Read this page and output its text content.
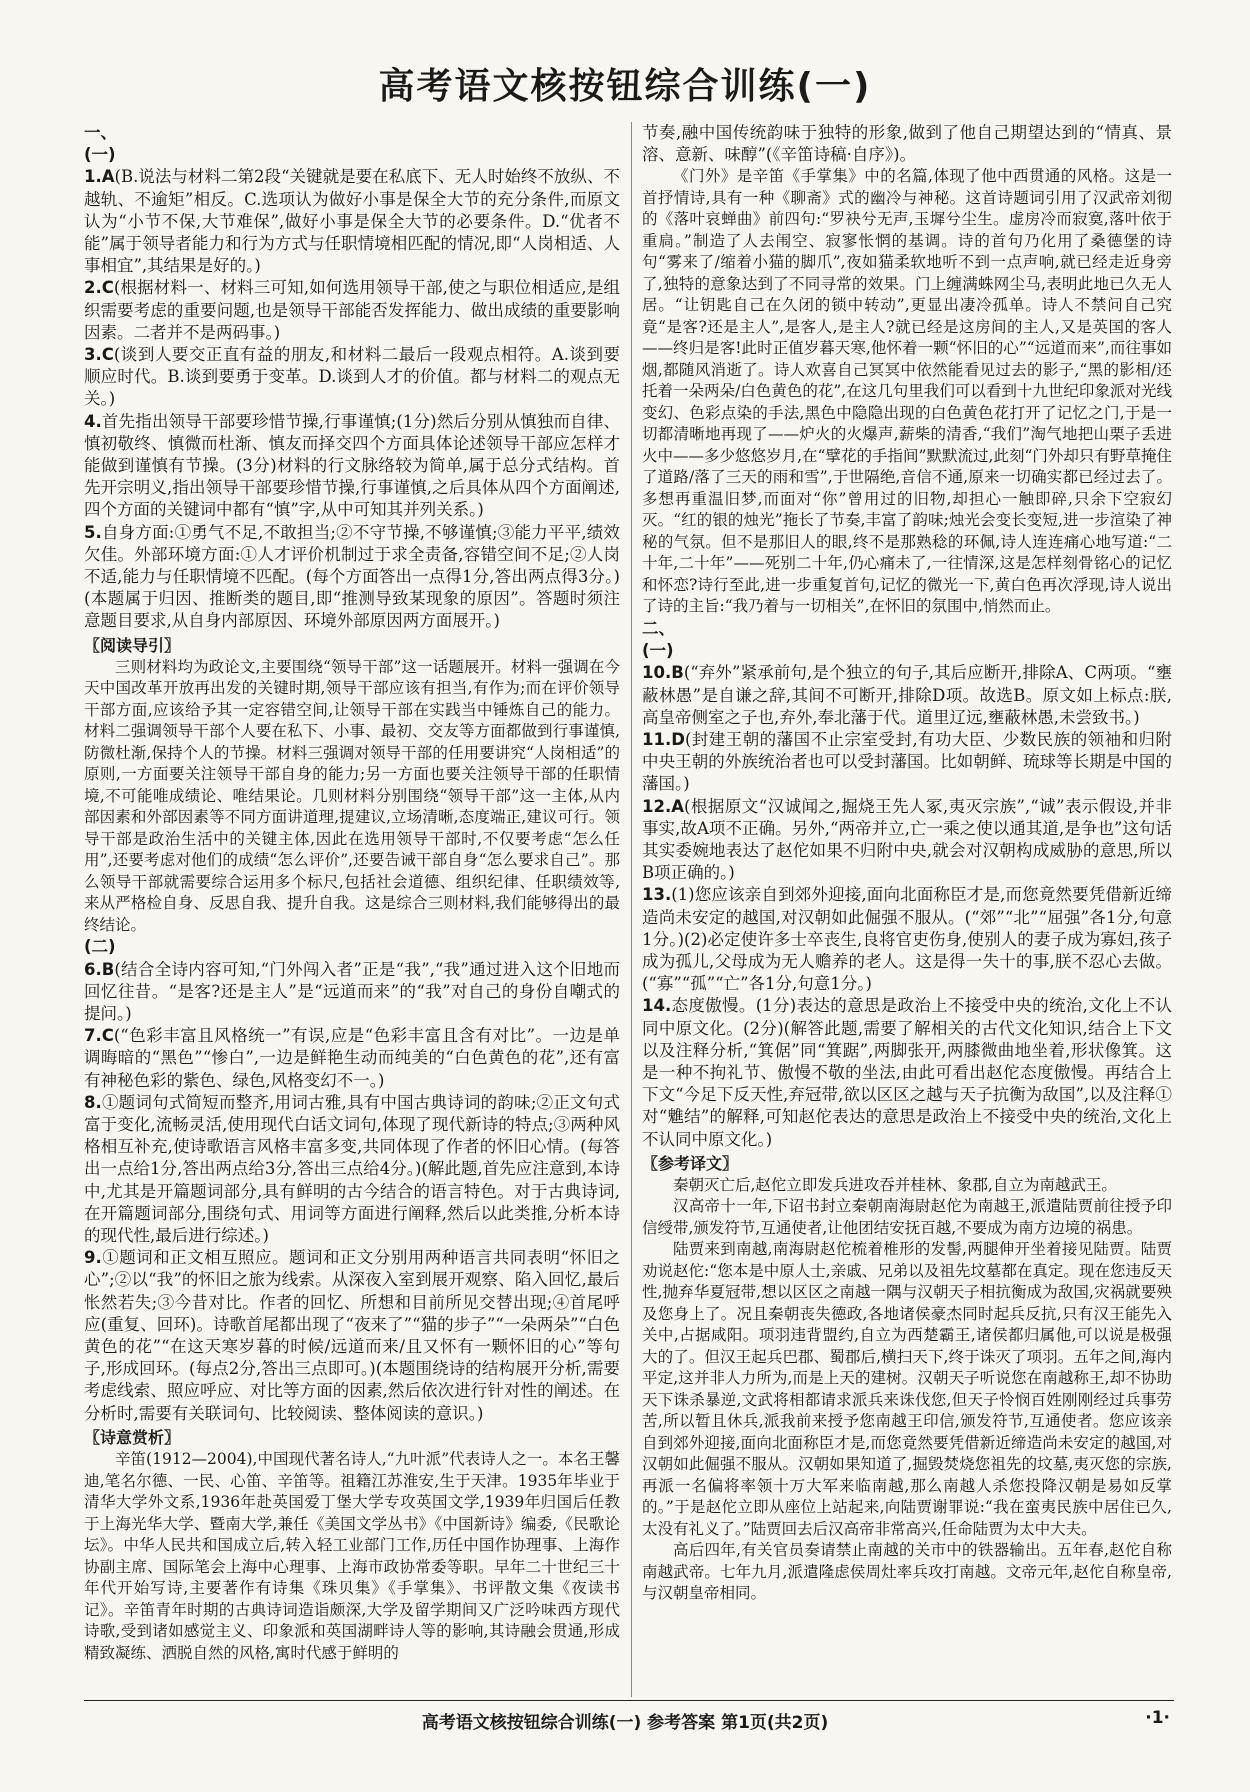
高考语文核按钮综合训练(一)

一、

(一)

1.A(B.说法与材料二第2段“关键就是要在私底下、无人时始终不放纵、不越轨、不逾矩”相反。C.选项认为做好小事是保全大节的充分条件,而原文认为“小节不保,大节难保”,做好小事是保全大节的必要条件。D.“优者不能”属于领导者能力和行为方式与任职情境相匹配的情况,即“人岗相适、人事相宜”,其结果是好的。)

2.C(根据材料一、材料三可知,如何选用领导干部,使之与职位相适应,是组织需要考虑的重要问题,也是领导干部能否发挥能力、做出成绩的重要影响因素。二者并不是两码事。)

3.C(谈到人要交正直有益的朋友,和材料二最后一段观点相符。A.谈到要顺应时代。B.谈到要勇于变革。D.谈到人才的价值。都与材料二的观点无关。)

4.首先指出领导干部要珍惜节操,行事谨慎;(1分)然后分别从慎独而自律、慎初敬终、慎微而杜渐、慎友而择交四个方面具体论述领导干部应怎样才能做到谨慎有节操。(3分)材料的行文脉络较为简单,属于总分式结构。首先开宗明义,指出领导干部要珍惜节操,行事谨慎,之后具体从四个方面阐述,四个方面的关键词中都有“慎”字,从中可知其并列关系。)

5.自身方面:①勇气不足,不敢担当;②不守节操,不够谨慎;③能力平平,绩效欠佳。外部环境方面:①人才评价机制过于求全责备,容错空间不足;②人岗不适,能力与任职情境不匹配。(每个方面答出一点得1分,答出两点得3分。)(本题属于归因、推断类的题目,即“推测导致某现象的原因”。答题时须注意题目要求,从自身内部原因、环境外部原因两方面展开。)

〖 阅读导引 〗

三则材料均为政论文,主要围绕“领导干部”这一话题展开。材料一强调在今天中国改革开放再出发的关键时期,领导干部应该有担当,有作为;而在评价领导干部方面,应该给予其一定容错空间,让领导干部在实践当中锤炼自己的能力。材料二强调领导干部个人要在私下、小事、最初、交友等方面都做到行事谨慎,防微杜渐,保持个人的节操。材料三强调对领导干部的任用要讲究“人岗相适”的原则,一方面要关注领导干部自身的能力;另一方面也要关注领导干部的任职情境,不可能唯成绩论、唯结果论。几则材料分别围绕“领导干部”这一主体,从内部因素和外部因素等不同方面讲道理,提建议,立场清晰,态度端正,建议可行。领导干部是政治生活中的关键主体,因此在选用领导干部时,不仅要考虑“怎么任用”,还要考虑对他们的成绩“怎么评价”,还要告诫干部自身“怎么要求自己”。那么领导干部就需要综合运用多个标尺,包括社会道德、组织纪律、任职绩效等,来从严格检自身、反思自我、提升自我。这是综合三则材料,我们能够得出的最终结论。

(二)

6.B(结合全诗内容可知,“门外闯入者”正是“我”,“我”通过进入这个旧地而回忆往昔。“是客?还是主人”是“远道而来”的“我”对自己的身份自嘲式的提问。)

7.C(“色彩丰富且风格统一”有误,应是“色彩丰富且含有对比”。一边是单调晦暗的“黑色”“惨白”,一边是鲜艳生动而纯美的“白色黄色的花”,还有富有神秘色彩的紫色、绿色,风格变幻不一。)

8.①题词句式简短而整齐,用词古雅,具有中国古典诗词的韵味;②正文句式富于变化,流畅灵活,使用现代白话文词句,体现了现代新诗的特点;③两种风格相互补充,使诗歌语言风格丰富多变,共同体现了作者的怀旧心情。(每答出一点给1分,答出两点给3分,答出三点给4分。)(解此题,首先应注意到,本诗中,尤其是开篇题词部分,具有鲜明的古今结合的语言特色。对于古典诗词,在开篇题词部分,围绕句式、用词等方面进行阐释,然后以此类推,分析本诗的现代性,最后进行综述。)

9.①题词和正文相互照应。题词和正文分别用两种语言共同表明“怀旧之心”;②以“我”的怀旧之旅为线索。从深夜入室到展开观察、陷入回忆,最后怅然若失;③今昔对比。作者的回忆、所想和目前所见交替出现;④首尾呼应(重复、回环)。诗歌首尾都出现了“夜来了”“猫的步子”“一朵两朵”“白色黄色的花”“在这天寒岁暮的时候/远道而来/且又怀有一颗怀旧的心”等句子,形成回环。(每点2分,答出三点即可。)(本题围绕诗的结构展开分析,需要考虑线索、照应呼应、对比等方面的因素,然后依次进行针对性的阐述。在分析时,需要有关联词句、比较阅读、整体阅读的意识。)

〖 诗意赏析 〗

辛笛(1912—2004),中国现代著名诗人,“九叶派”代表诗人之一。本名王馨迪,笔名尔德、一民、心笛、辛笛等。祖籍江苏淮安,生于天津。1935年毕业于清华大学外文系,1936年赴英国爱丁堡大学专攻英国文学,1939年归国后任教于上海光华大学、暨南大学,兼任《美国文学丛书》《中国新诗》编委,《民歌论坛》。中华人民共和国成立后,转入轻工业部门工作,历任中国作协理事、上海作协副主席、国际笔会上海中心理事、上海市政协常委等职。早年二十世纪三十年代开始写诗,主要著作有诗集《珠贝集》《手掌集》、书评散文集《夜读书记》。辛笛青年时期的古典诗词造诣颇深,大学及留学期间又广泛吟味西方现代诗歌,受到诸如感觉主义、印象派和英国湖畔诗人等的影响,其诗融会贯通,形成精致凝练、洒脱自然的风格,寓时代感于鲜明的

节奏,融中国传统韵味于独特的形象,做到了他自己期望达到的“情真、景溶、意新、味醇”(《辛笛诗稿·自序》)。

《门外》是辛笛《手掌集》中的名篇,体现了他中西贯通的风格。这是一首抒情诗,具有一种《聊斋》式的幽冷与神秘。这首诗题词引用了汉武帝刘彻的《落叶哀蝉曲》前四句:“罗袂兮无声,玉墀兮尘生。虚房冷而寂寞,落叶依于重扃。”制造了人去闱空、寂寥怅惘的基调。诗的首句乃化用了桑德堡的诗句“雾来了/缩着小猫的脚爪”,夜如猫柔软地听不到一点声响,就已经走近身旁了,独特的意象达到了不同寻常的效果。门上缠满蛛网尘马,表明此地已久无人居。“让钥匙自己在久闭的锁中转动”,更显出凄冷孤单。诗人不禁问自己究竟“是客?还是主人”,是客人,是主人?就已经是这房间的主人,又是英国的客人——终归是客!此时正值岁暮天寒,他怀着一颗“怀旧的心”“远道而来”,而往事如烟,都随风消逝了。诗人欢喜自己冥冥中依然能看见过去的影子,“黑的影相/还托着一朵两朵/白色黄色的花”,在这几句里我们可以看到十九世纪印象派对光线变幻、色彩点染的手法,黑色中隐隐出现的白色黄色花打开了记忆之门,于是一切都清晰地再现了——炉火的火爆声,薪柴的清香,“我们”淘气地把山栗子丢进火中——多少悠悠岁月,在“擘花的手指间”默默流过,此刻“门外却只有野草掩住了道路/落了三天的雨和雪”,于世隔绝,音信不通,原来一切确实都已经过去了。多想再重温旧梦,而面对“你”曾用过的旧物,却担心一触即碎,只余下空寂幻灭。“红的银的烛光”拖长了节奏,丰富了韵味;烛光会变长变短,进一步渲染了神秘的气氛。但不是那旧人的眼,终不是那熟稔的环佩,诗人连连痛心地写道:“二十年,二十年”——死别二十年,仍心痛未了,一往情深,这是怎样刻骨铭心的记忆和怀恋?诗行至此,进一步重复首句,记忆的微光一下,黄白色再次浮现,诗人说出了诗的主旨:“我乃着与一切相关”,在怀旧的氛围中,悄然而止。

二、

(一)

10.B(“弃外”紧承前句,是个独立的句子,其后应断开,排除A、C两项。“壅蔽林愚”是自谦之辞,其间不可断开,排除D项。故选B。原文如上标点:朕,高皇帝侧室之子也,弃外,奉北藩于代。道里辽远,壅蔽林愚,未尝致书。)

11.D(封建王朝的藩国不止宗室受封,有功大臣、少数民族的领袖和归附中央王朝的外族统治者也可以受封藩国。比如朝鲜、琉球等长期是中国的藩国。)

12.A(根据原文“汉诚闻之,掘烧王先人冢,夷灭宗族”,“诚”表示假设,并非事实,故A项不正确。另外,“两帝并立,亡一乘之使以通其道,是争也”这句话其实委婉地表达了赵佗如果不归附中央,就会对汉朝构成威胁的意思,所以B项正确的。)

13.(1)您应该亲自到郊外迎接,面向北面称臣才是,而您竟然要凭借新近缔造尚未安定的越国,对汉朝如此倔强不服从。(“郊”“北”“屈强”各1分,句意1分。)(2)必定使许多士卒丧生,良将官吏伤身,使别人的妻子成为寡妇,孩子成为孤儿,父母成为无人赡养的老人。这是得一失十的事,朕不忍心去做。(“寡”“孤”“亡”各1分,句意1分。)

14.态度傲慢。(1分)表达的意思是政治上不接受中央的统治,文化上不认同中原文化。(2分)(解答此题,需要了解相关的古代文化知识,结合上下文以及注释分析,“箕倨”同“箕踞”,两脚张开,两膝微曲地坐着,形状像箕。这是一种不拘礼节、傲慢不敬的坐法,由此可看出赵佗态度傲慢。再结合上下文“今足下反天性,弃冠带,欲以区区之越与天子抗衡为敌国”,以及注释①对“魋结”的解释,可知赵佗表达的意思是政治上不接受中央的统治,文化上不认同中原文化。)

〖 参考译文 〗

秦朝灭亡后,赵佗立即发兵进攻吞并桂林、象郡,自立为南越武王。

汉高帝十一年,下诏书封立秦朝南海尉赵佗为南越王,派遣陆贾前往授予印信绶带,颁发符节,互通使者,让他团结安抚百越,不要成为南方边境的祸患。

陆贾来到南越,南海尉赵佗梳着椎形的发髻,两腿伸开坐着接见陆贾。陆贾劝说赵佗:“您本是中原人士,亲戚、兄弟以及祖先坟墓都在真定。现在您违反天性,抛弃华夏冠带,想以区区之南越一隅与汉朝天子相抗衡成为敌国,灾祸就要殃及您身上了。况且秦朝丧失德政,各地诸侯豪杰同时起兵反抗,只有汉王能先入关中,占据咸阳。项羽违背盟约,自立为西楚霸王,诸侯都归属他,可以说是极强大的了。但汉王起兵巴郡、蜀郡后,横扫天下,终于诛灭了项羽。五年之间,海内平定,这并非人力所为,而是上天的建树。汉朝天子听说您在南越称王,却不协助天下诛杀暴逆,文武将相都请求派兵来诛伐您,但天子怜悯百姓刚刚经过兵事劳苦,所以暂且休兵,派我前来授予您南越王印信,颁发符节,互通使者。您应该亲自到郊外迎接,面向北面称臣才是,而您竟然要凭借新近缔造尚未安定的越国,对汉朝如此倔强不服从。汉朝如果知道了,掘毁焚烧您祖先的坟墓,夷灭您的宗族,再派一名偏将率领十万大军来临南越,那么南越人杀您投降汉朝是易如反掌的。”于是赵佗立即从座位上站起来,向陆贾谢罪说:“我在蛮夷民族中居住已久,太没有礼义了。”陆贾回去后汉高帝非常高兴,任命陆贾为太中大夫。

高后四年,有关官员奏请禁止南越的关市中的铁器输出。五年春,赵佗自称南越武帝。七年九月,派遣隆虑侯周灶率兵攻打南越。文帝元年,赵佗自称皇帝,与汉朝皇帝相同。

高考语文核按钮综合训练(一) 参考答案 第1页(共2页)	·1·
